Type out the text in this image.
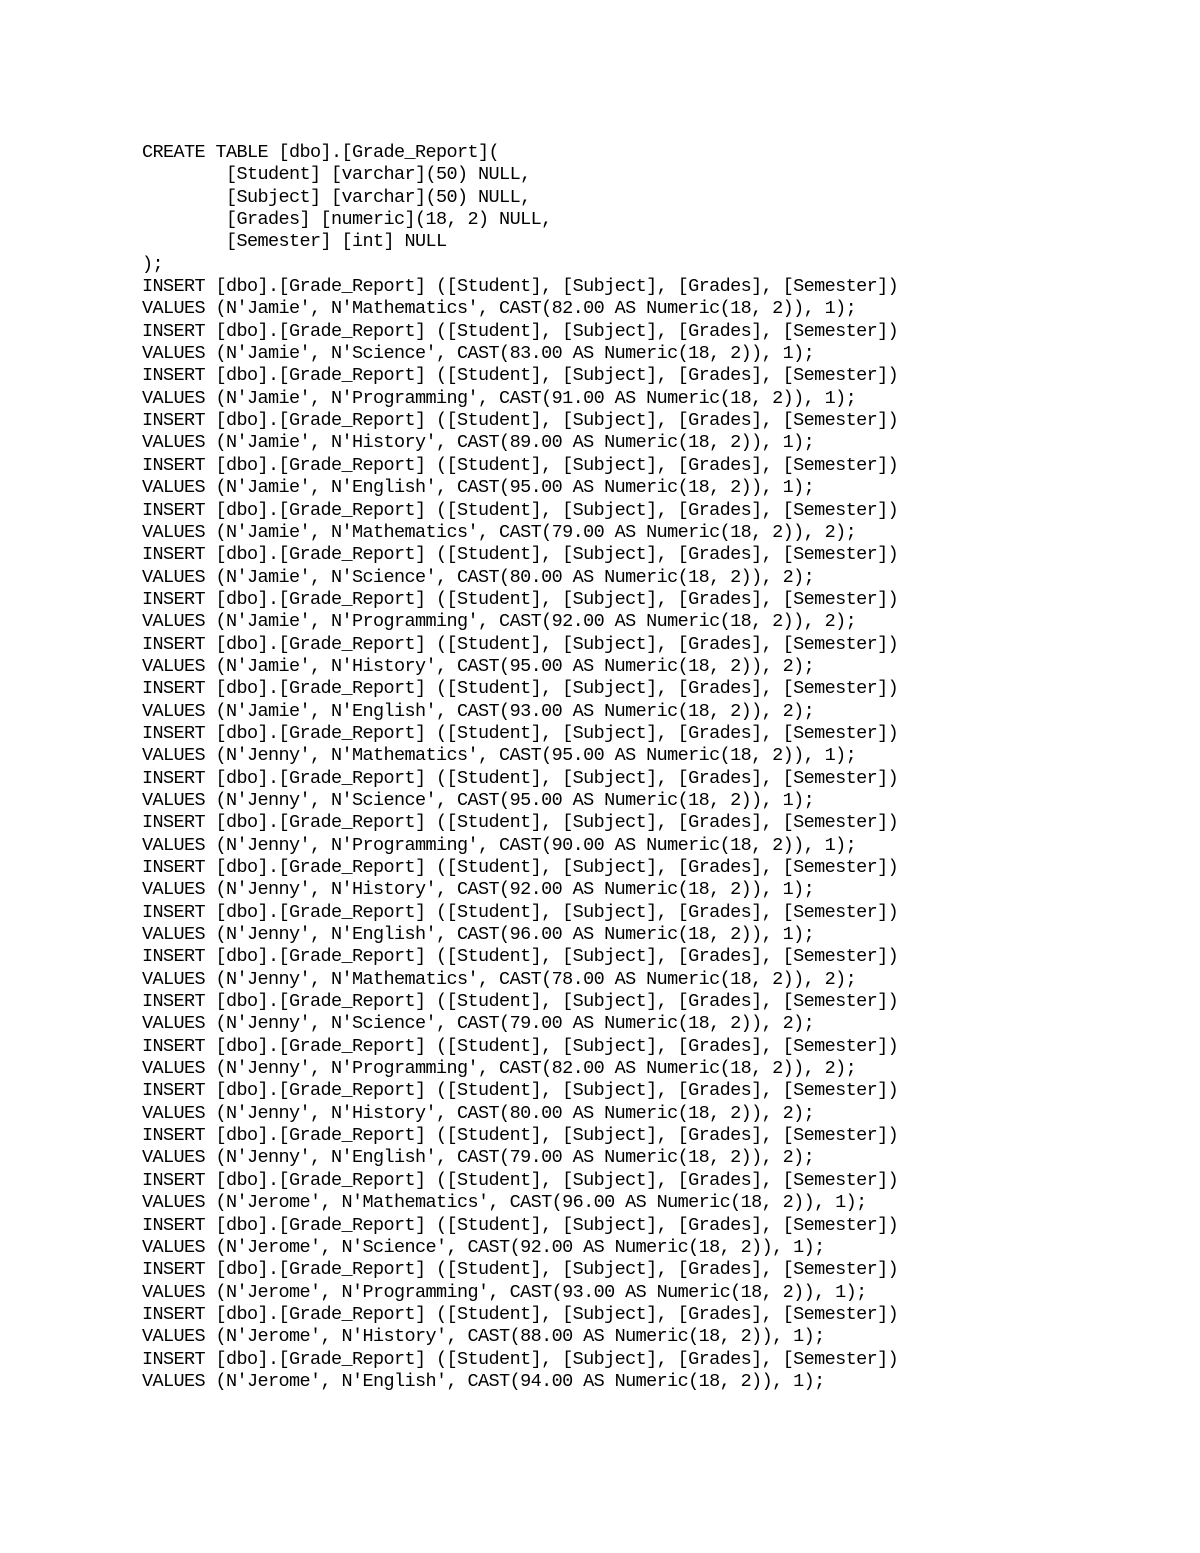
CREATE TABLE [dbo].[Grade_Report](
[Student] [varchar](50) NULL,
[Subject] [varchar](50) NULL,
[Grades] [numeric](18, 2) NULL,
[Semester] [int] NULL
);
INSERT [dbo].[Grade_Report] ([Student], [Subject], [Grades], [Semester])
VALUES (N'Jamie', N'Mathematics', CAST(82.00 AS Numeric(18, 2)), 1);
INSERT [dbo].[Grade_Report] ([Student], [Subject], [Grades], [Semester])
VALUES (N'Jamie', N'Science', CAST(83.00 AS Numeric(18, 2)), 1);
INSERT [dbo].[Grade_Report] ([Student], [Subject], [Grades], [Semester])
VALUES (N'Jamie', N'Programming', CAST(91.00 AS Numeric(18, 2)), 1);
INSERT [dbo].[Grade_Report] ([Student], [Subject], [Grades], [Semester])
VALUES (N'Jamie', N'History', CAST(89.00 AS Numeric(18, 2)), 1);
INSERT [dbo].[Grade_Report] ([Student], [Subject], [Grades], [Semester])
VALUES (N'Jamie', N'English', CAST(95.00 AS Numeric(18, 2)), 1);
INSERT [dbo].[Grade_Report] ([Student], [Subject], [Grades], [Semester])
VALUES (N'Jamie', N'Mathematics', CAST(79.00 AS Numeric(18, 2)), 2);
INSERT [dbo].[Grade_Report] ([Student], [Subject], [Grades], [Semester])
VALUES (N'Jamie', N'Science', CAST(80.00 AS Numeric(18, 2)), 2);
INSERT [dbo].[Grade_Report] ([Student], [Subject], [Grades], [Semester])
VALUES (N'Jamie', N'Programming', CAST(92.00 AS Numeric(18, 2)), 2);
INSERT [dbo].[Grade_Report] ([Student], [Subject], [Grades], [Semester])
VALUES (N'Jamie', N'History', CAST(95.00 AS Numeric(18, 2)), 2);
INSERT [dbo].[Grade_Report] ([Student], [Subject], [Grades], [Semester])
VALUES (N'Jamie', N'English', CAST(93.00 AS Numeric(18, 2)), 2);
INSERT [dbo].[Grade_Report] ([Student], [Subject], [Grades], [Semester])
VALUES (N'Jenny', N'Mathematics', CAST(95.00 AS Numeric(18, 2)), 1);
INSERT [dbo].[Grade_Report] ([Student], [Subject], [Grades], [Semester])
VALUES (N'Jenny', N'Science', CAST(95.00 AS Numeric(18, 2)), 1);
INSERT [dbo].[Grade_Report] ([Student], [Subject], [Grades], [Semester])
VALUES (N'Jenny', N'Programming', CAST(90.00 AS Numeric(18, 2)), 1);
INSERT [dbo].[Grade_Report] ([Student], [Subject], [Grades], [Semester])
VALUES (N'Jenny', N'History', CAST(92.00 AS Numeric(18, 2)), 1);
INSERT [dbo].[Grade_Report] ([Student], [Subject], [Grades], [Semester])
VALUES (N'Jenny', N'English', CAST(96.00 AS Numeric(18, 2)), 1);
INSERT [dbo].[Grade_Report] ([Student], [Subject], [Grades], [Semester])
VALUES (N'Jenny', N'Mathematics', CAST(78.00 AS Numeric(18, 2)), 2);
INSERT [dbo].[Grade_Report] ([Student], [Subject], [Grades], [Semester])
VALUES (N'Jenny', N'Science', CAST(79.00 AS Numeric(18, 2)), 2);
INSERT [dbo].[Grade_Report] ([Student], [Subject], [Grades], [Semester])
VALUES (N'Jenny', N'Programming', CAST(82.00 AS Numeric(18, 2)), 2);
INSERT [dbo].[Grade_Report] ([Student], [Subject], [Grades], [Semester])
VALUES (N'Jenny', N'History', CAST(80.00 AS Numeric(18, 2)), 2);
INSERT [dbo].[Grade_Report] ([Student], [Subject], [Grades], [Semester])
VALUES (N'Jenny', N'English', CAST(79.00 AS Numeric(18, 2)), 2);
INSERT [dbo].[Grade_Report] ([Student], [Subject], [Grades], [Semester])
VALUES (N'Jerome', N'Mathematics', CAST(96.00 AS Numeric(18, 2)), 1);
INSERT [dbo].[Grade_Report] ([Student], [Subject], [Grades], [Semester])
VALUES (N'Jerome', N'Science', CAST(92.00 AS Numeric(18, 2)), 1);
INSERT [dbo].[Grade_Report] ([Student], [Subject], [Grades], [Semester])
VALUES (N'Jerome', N'Programming', CAST(93.00 AS Numeric(18, 2)), 1);
INSERT [dbo].[Grade_Report] ([Student], [Subject], [Grades], [Semester])
VALUES (N'Jerome', N'History', CAST(88.00 AS Numeric(18, 2)), 1);
INSERT [dbo].[Grade_Report] ([Student], [Subject], [Grades], [Semester])
VALUES (N'Jerome', N'English', CAST(94.00 AS Numeric(18, 2)), 1);
